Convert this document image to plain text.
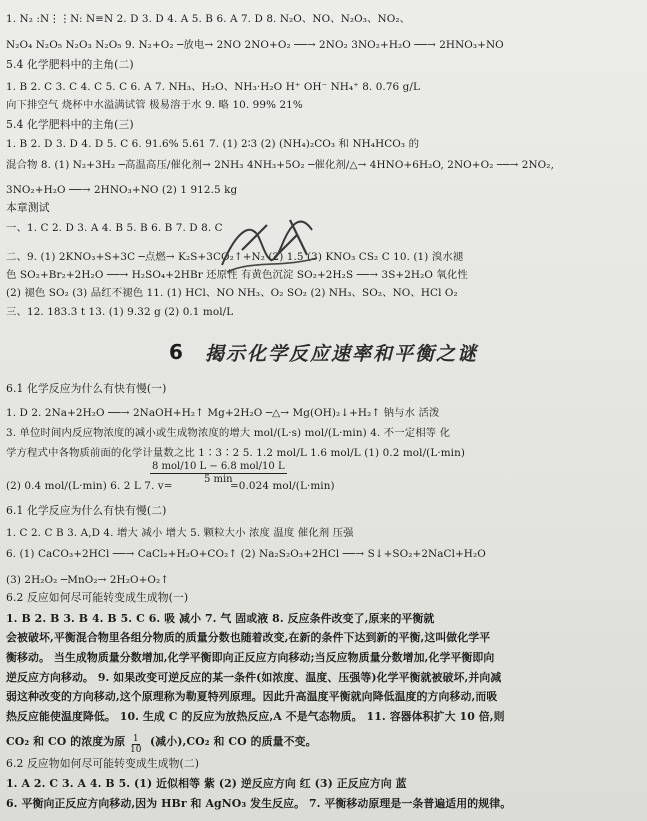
1. N₂ :N⋮⋮N: N≡N 2. D 3. D 4. A 5. B 6. A 7. D 8. N₂O、NO、N₂O₃、NO₂、
N₂O₄ N₂O₅ N₂O₃ N₂O₅ 9. N₂+O₂ ─放电→ 2NO 2NO+O₂ ──→ 2NO₂ 3NO₂+H₂O ──→ 2HNO₃+NO
5.4 化学肥料中的主角(二)
1. B 2. C 3. C 4. C 5. C 6. A 7. NH₃、H₂O、NH₃·H₂O H⁺ OH⁻ NH₄⁺ 8. 0.76 g/L
向下排空气 烧杯中水溢满试管 极易溶于水 9. 略 10. 99% 21%
5.4 化学肥料中的主角(三)
1. B 2. D 3. D 4. D 5. C 6. 91.6% 5.61 7. (1) 2∶3 (2) (NH₄)₂CO₃ 和 NH₄HCO₃ 的
混合物 8. (1) N₂+3H₂ ─高温高压/催化剂→ 2NH₃ 4NH₃+5O₂ ─催化剂/△→ 4HNO+6H₂O, 2NO+O₂ ──→ 2NO₂,
3NO₂+H₂O ──→ 2HNO₃+NO (2) 1 912.5 kg
本章测试
一、1. C 2. D 3. A 4. B 5. B 6. B 7. D 8. C
二、9. (1) 2KNO₃+S+3C ─点燃→ K₂S+3CO₂↑+N₂ (2) 1.5 (3) KNO₃ CS₂ C 10. (1) 溴水褪
色 SO₂+Br₂+2H₂O ──→ H₂SO₄+2HBr 还原性 有黄色沉淀 SO₂+2H₂S ──→ 3S+2H₂O 氧化性
(2) 褪色 SO₂ (3) 品红不褪色 11. (1) HCl、NO NH₃、O₂ SO₂ (2) NH₃、SO₂、NO、HCl O₂
三、12. 183.3 t 13. (1) 9.32 g (2) 0.1 mol/L
6.1 化学反应为什么有快有慢(一)
1. D 2. 2Na+2H₂O ──→ 2NaOH+H₂↑ Mg+2H₂O ─△→ Mg(OH)₂↓+H₂↑ 钠与水 活泼
3. 单位时间内反应物浓度的减小或生成物浓度的增大 mol/(L·s) mol/(L·min) 4. 不一定相等 化
学方程式中各物质前面的化学计量数之比 1∶3∶2 5. 1.2 mol/L 1.6 mol/L (1) 0.2 mol/(L·min)
(2) 0.4 mol/(L·min) 6. 2 L 7. v=	=0.024 mol/(L·min)
6.1 化学反应为什么有快有慢(二)
1. C 2. C B 3. A,D 4. 增大 减小 增大 5. 颗粒大小 浓度 温度 催化剂 压强
6. (1) CaCO₃+2HCl ──→ CaCl₂+H₂O+CO₂↑ (2) Na₂S₂O₃+2HCl ──→ S↓+SO₂+2NaCl+H₂O
(3) 2H₂O₂ ─MnO₂→ 2H₂O+O₂↑
6.2 反应如何尽可能转变成生成物(一)
1. B 2. B 3. B 4. B 5. C 6. 吸 减小 7. 气 固或液 8. 反应条件改变了,原来的平衡就
会被破坏,平衡混合物里各组分物质的质量分数也随着改变,在新的条件下达到新的平衡,这叫做化学平
衡移动。 当生成物质量分数增加,化学平衡即向正反应方向移动;当反应物质量分数增加,化学平衡即向
逆反应方向移动。 9. 如果改变可逆反应的某一条件(如浓度、温度、压强等)化学平衡就被破坏,并向减
弱这种改变的方向移动,这个原理称为勒夏特列原理。因此升高温度平衡就向降低温度的方向移动,而吸
热反应能使温度降低。 10. 生成 C 的反应为放热反应,A 不是气态物质。 11. 容器体积扩大 10 倍,则
CO₂ 和 CO 的浓度为原	(减小),CO₂ 和 CO 的质量不变。
6.2 反应物如何尽可能转变成生成物(二)
1. A 2. C 3. A 4. B 5. (1) 近似相等 紫 (2) 逆反应方向 红 (3) 正反应方向 蓝
6. 平衡向正反应方向移动,因为 HBr 和 AgNO₃ 发生反应。 7. 平衡移动原理是一条普遍适用的规律。
6 揭示化学反应速率和平衡之谜
8 mol/10 L − 6.8 mol/10 L
5 min
$\frac{1}{10}$
